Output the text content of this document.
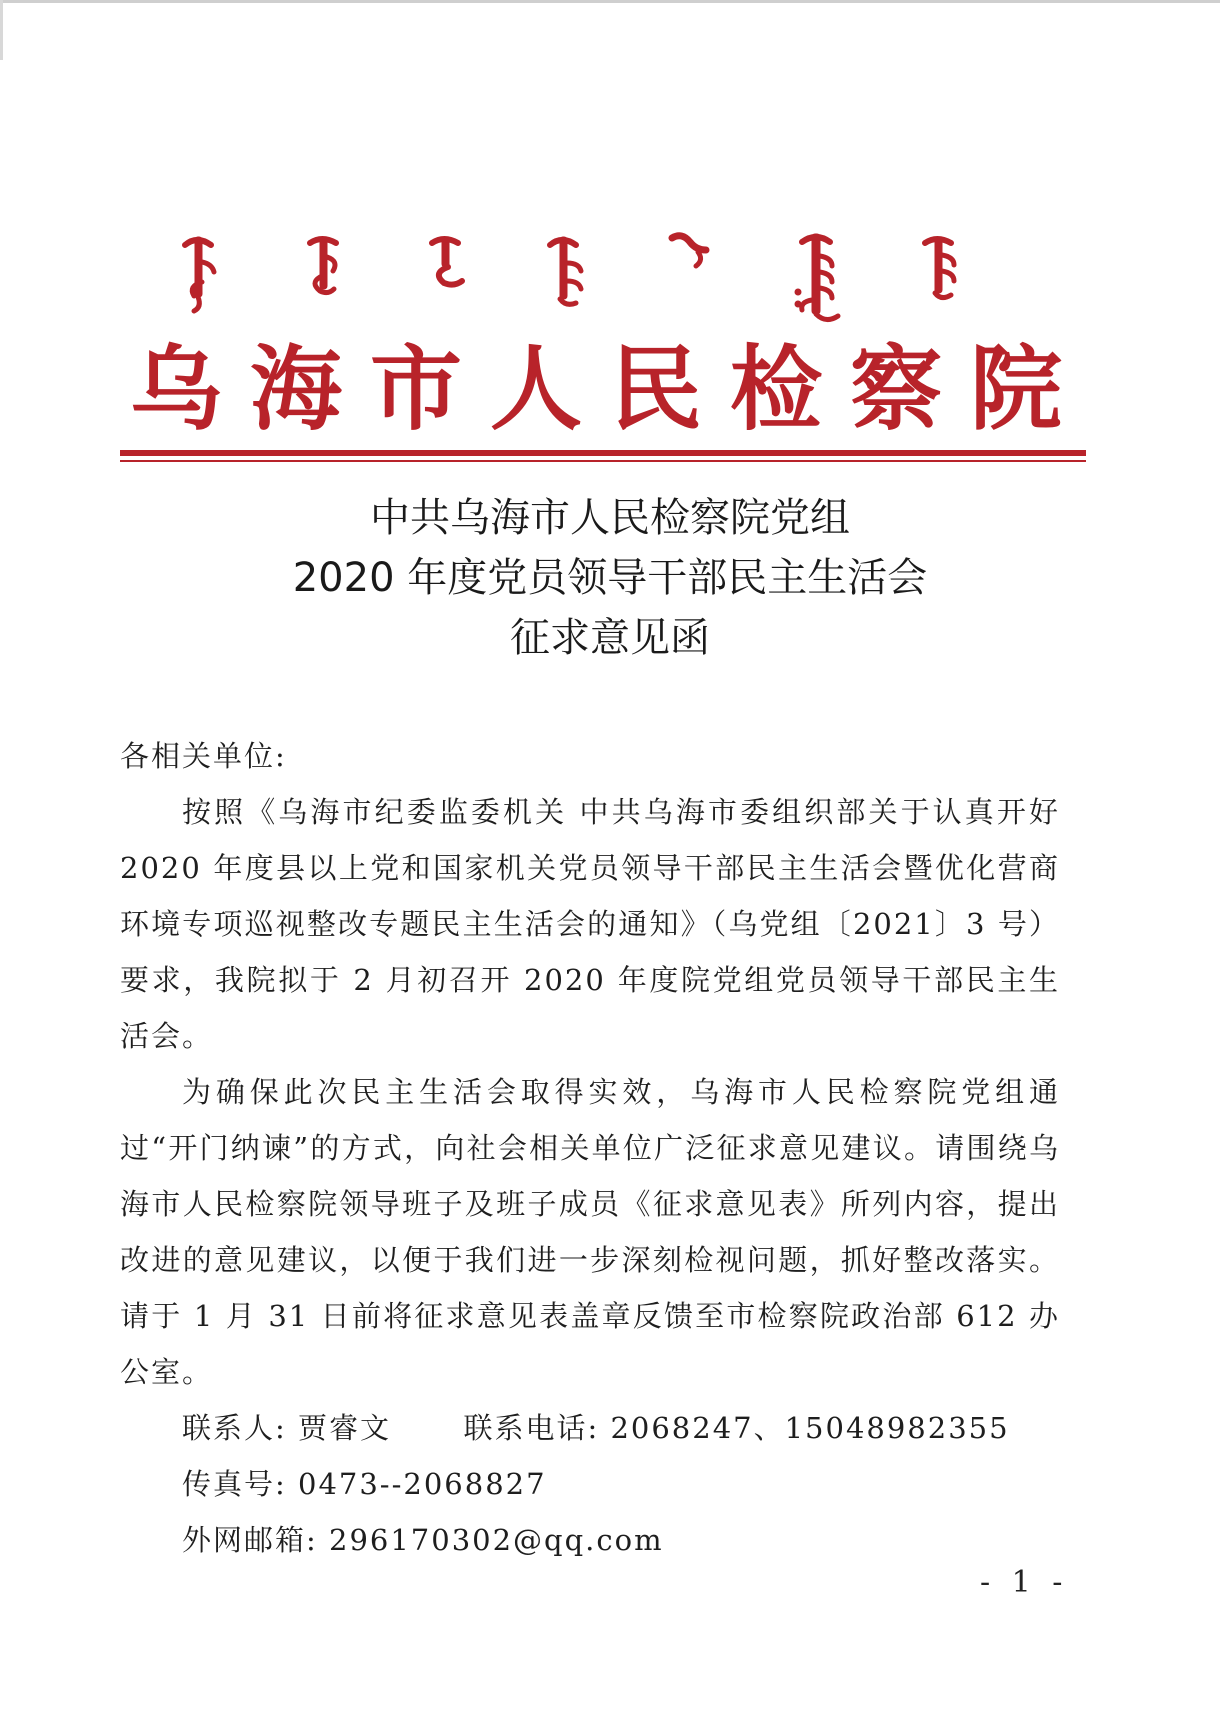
乌海市人民检察院
中共乌海市人民检察院党组
2020 年度党员领导干部民主生活会
征求意见函

各相关单位:

按照《乌海市纪委监委机关 中共乌海市委组织部关于认真开好 2020 年度县以上党和国家机关党员领导干部民主生活会暨优化营商环境专项巡视整改专题民主生活会的通知》（乌党组〔2021〕3 号）要求，我院拟于 2 月初召开 2020 年度院党组党员领导干部民主生活会。

为确保此次民主生活会取得实效，乌海市人民检察院党组通过“开门纳谏”的方式，向社会相关单位广泛征求意见建议。请围绕乌海市人民检察院领导班子及班子成员《征求意见表》所列内容，提出改进的意见建议，以便于我们进一步深刻检视问题，抓好整改落实。请于 1 月 31 日前将征求意见表盖章反馈至市检察院政治部 612 办公室。

联系人: 贾睿文 联系电话: 2068247、15048982355

传真号: 0473--2068827

外网邮箱: 296170302@qq.com

- 1 -
